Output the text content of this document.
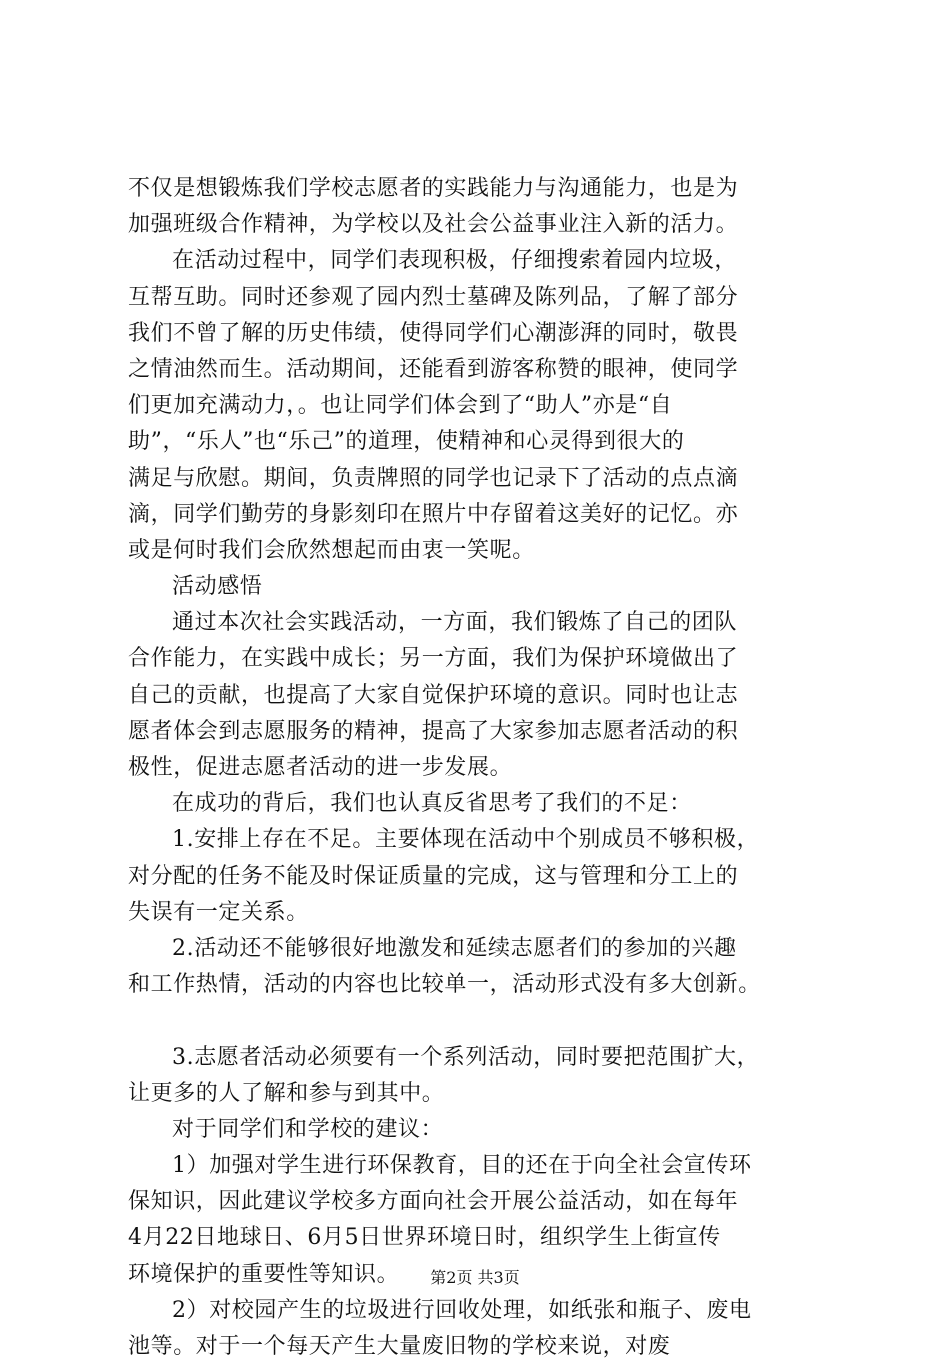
不仅是想锻炼我们学校志愿者的实践能力与沟通能力，也是为
加强班级合作精神，为学校以及社会公益事业注入新的活力。
在活动过程中，同学们表现积极，仔细搜索着园内垃圾，
互帮互助。同时还参观了园内烈士墓碑及陈列品，了解了部分
我们不曾了解的历史伟绩，使得同学们心潮澎湃的同时，敬畏
之情油然而生。活动期间，还能看到游客称赞的眼神，使同学
们更加充满动力，。也让同学们体会到了“助人”亦是“自
助”，“乐人”也“乐己”的道理，使精神和心灵得到很大的
满足与欣慰。期间，负责牌照的同学也记录下了活动的点点滴
滴，同学们勤劳的身影刻印在照片中存留着这美好的记忆。亦
或是何时我们会欣然想起而由衷一笑呢。
活动感悟
通过本次社会实践活动，一方面，我们锻炼了自己的团队
合作能力，在实践中成长；另一方面，我们为保护环境做出了
自己的贡献，也提高了大家自觉保护环境的意识。同时也让志
愿者体会到志愿服务的精神，提高了大家参加志愿者活动的积
极性，促进志愿者活动的进一步发展。
在成功的背后，我们也认真反省思考了我们的不足：
1.安排上存在不足。主要体现在活动中个别成员不够积极，
对分配的任务不能及时保证质量的完成，这与管理和分工上的
失误有一定关系。
2.活动还不能够很好地激发和延续志愿者们的参加的兴趣
和工作热情，活动的内容也比较单一，活动形式没有多大创新。
3.志愿者活动必须要有一个系列活动，同时要把范围扩大，
让更多的人了解和参与到其中。
对于同学们和学校的建议：
1）加强对学生进行环保教育，目的还在于向全社会宣传环
保知识，因此建议学校多方面向社会开展公益活动，如在每年
4月22日地球日、6月5日世界环境日时，组织学生上街宣传
环境保护的重要性等知识。
2）对校园产生的垃圾进行回收处理，如纸张和瓶子、废电
池等。对于一个每天产生大量废旧物的学校来说，对废
第2页 共3页
